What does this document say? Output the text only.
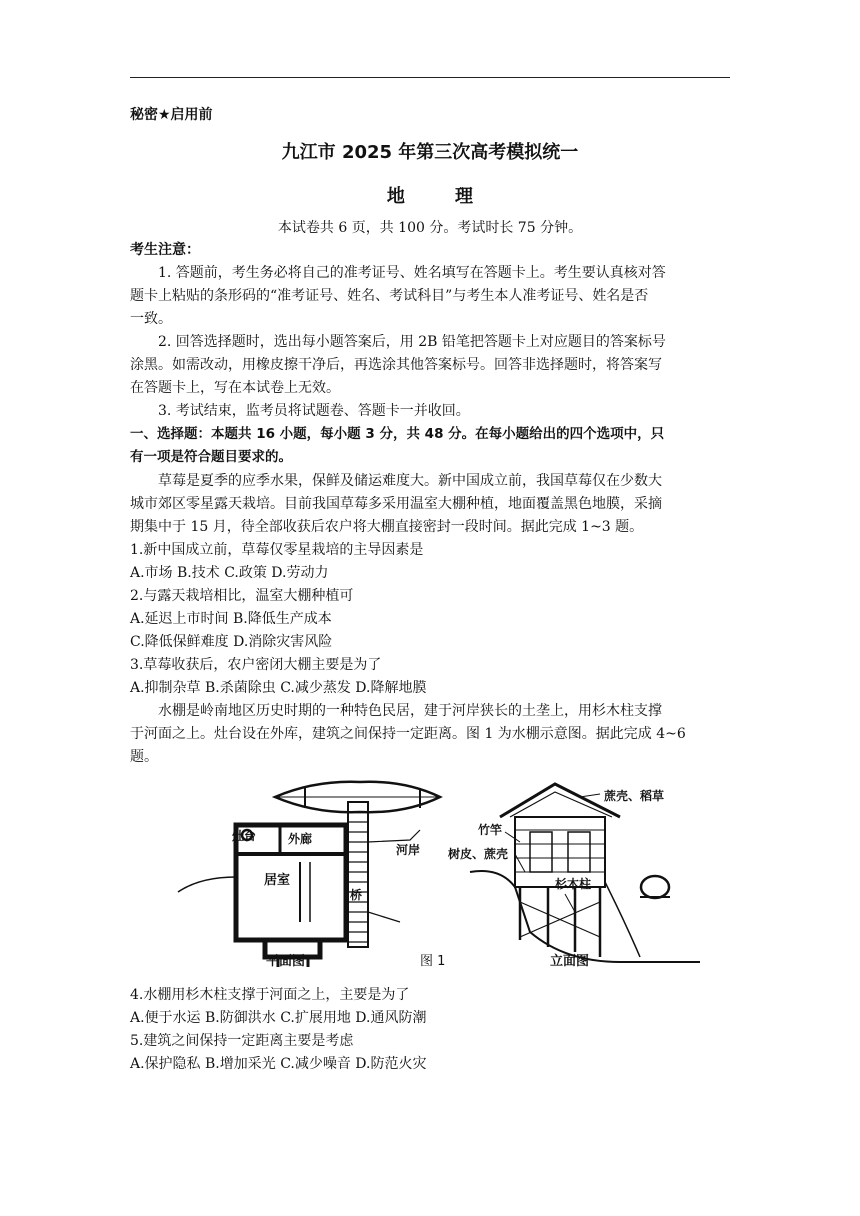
秘密★启用前
九江市 2025 年第三次高考模拟统一
地        理
本试卷共 6 页，共 100 分。考试时长 75 分钟。
考生注意：
1. 答题前，考生务必将自己的准考证号、姓名填写在答题卡上。考生要认真核对答
题卡上粘贴的条形码的“准考证号、姓名、考试科目”与考生本人准考证号、姓名是否
一致。
2. 回答选择题时，选出每小题答案后，用 2B 铅笔把答题卡上对应题目的答案标号
涂黑。如需改动，用橡皮擦干净后，再选涂其他答案标号。回答非选择题时，将答案写
在答题卡上，写在本试卷上无效。
3. 考试结束，监考员将试题卷、答题卡一并收回。
一、选择题：本题共 16 小题，每小题 3 分，共 48 分。在每小题给出的四个选项中，只
有一项是符合题目要求的。
草莓是夏季的应季水果，保鲜及储运难度大。新中国成立前，我国草莓仅在少数大
城市郊区零星露天栽培。目前我国草莓多采用温室大棚种植，地面覆盖黑色地膜，采摘
期集中于 15 月，待全部收获后农户将大棚直接密封一段时间。据此完成 1~3 题。
1.新中国成立前，草莓仅零星栽培的主导因素是
A.市场 B.技术 C.政策 D.劳动力
2.与露天栽培相比，温室大棚种植可
A.延迟上市时间 B.降低生产成本
C.降低保鲜难度 D.消除灾害风险
3.草莓收获后，农户密闭大棚主要是为了
A.抑制杂草 B.杀菌除虫 C.减少蒸发 D.降解地膜
水棚是岭南地区历史时期的一种特色民居，建于河岸狭长的土垄上，用杉木柱支撑
于河面之上。灶台设在外库，建筑之间保持一定距离。图 1 为水棚示意图。据此完成 4~6
题。
灶台	外廊
居室
桥
河岸
蔗壳、稻草
竹竿
树皮、蔗壳
杉木柱
平面图	图 1	立面图
4.水棚用杉木柱支撑于河面之上，主要是为了
A.便于水运 B.防御洪水 C.扩展用地 D.通风防潮
5.建筑之间保持一定距离主要是考虑
A.保护隐私 B.增加采光 C.减少噪音 D.防范火灾
